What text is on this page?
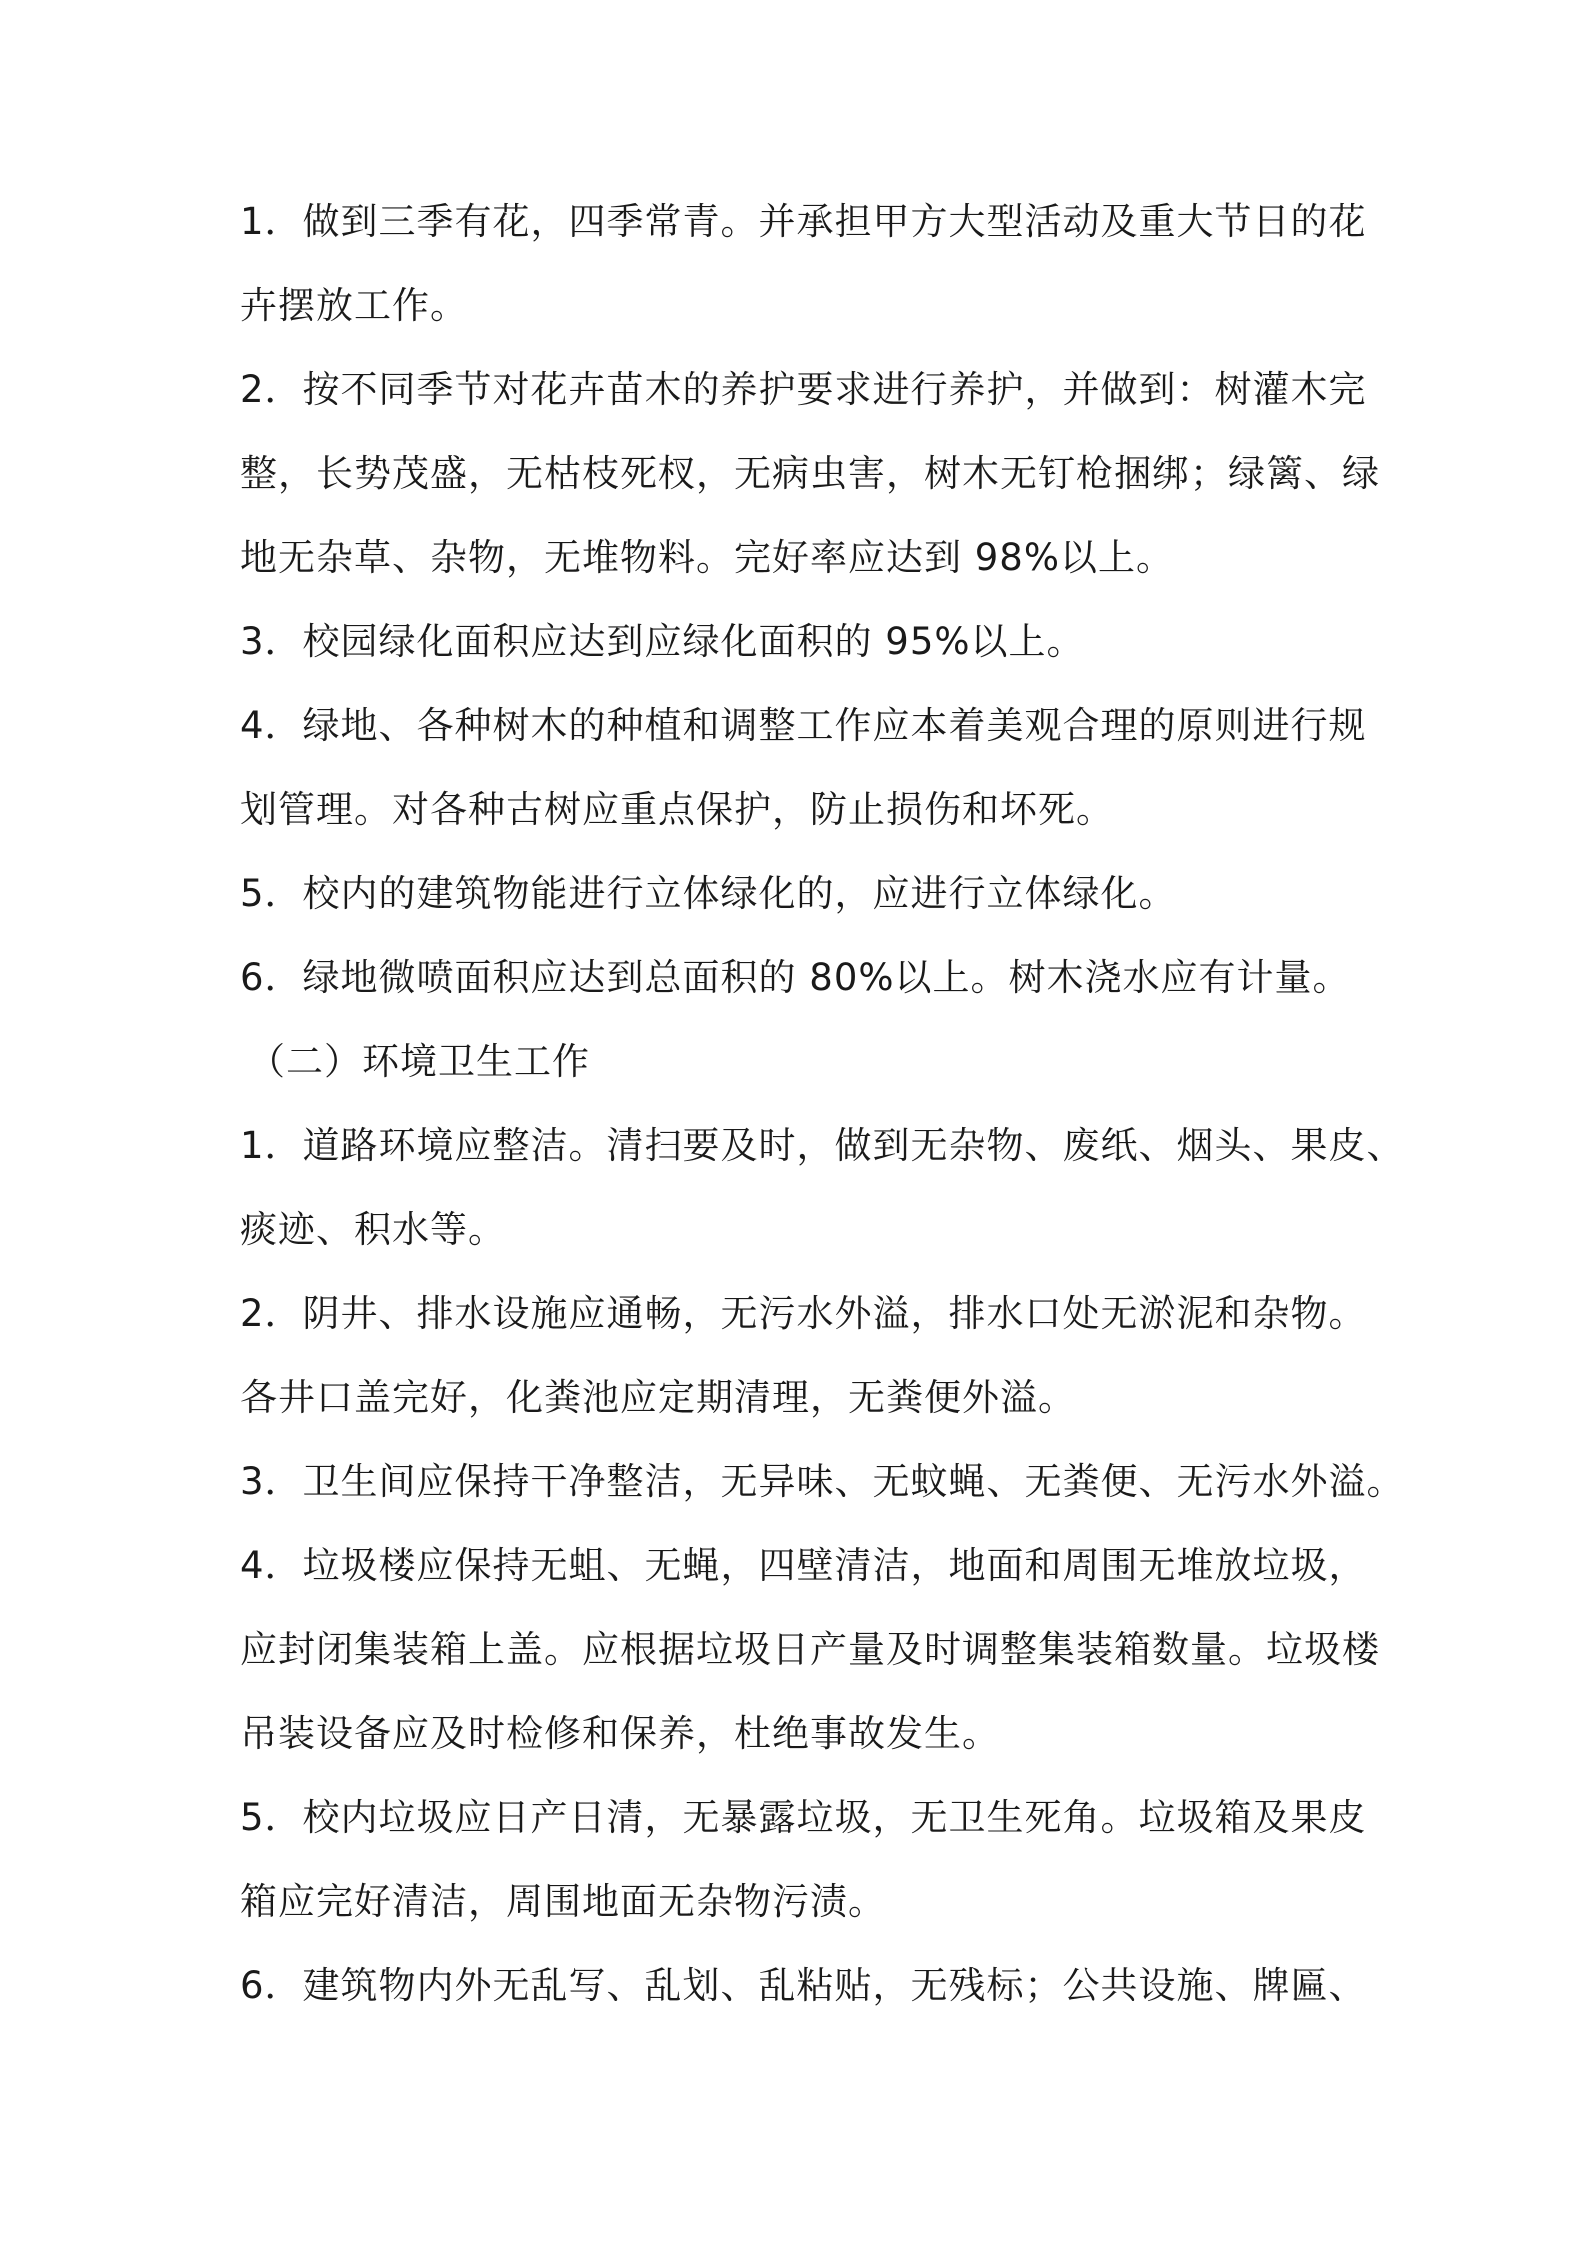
1．做到三季有花，四季常青。并承担甲方大型活动及重大节日的花
卉摆放工作。
2．按不同季节对花卉苗木的养护要求进行养护，并做到：树灌木完
整，长势茂盛，无枯枝死杈，无病虫害，树木无钉枪捆绑；绿篱、绿
地无杂草、杂物，无堆物料。完好率应达到 98%以上。
3．校园绿化面积应达到应绿化面积的 95%以上。
4．绿地、各种树木的种植和调整工作应本着美观合理的原则进行规
划管理。对各种古树应重点保护，防止损伤和坏死。
5．校内的建筑物能进行立体绿化的，应进行立体绿化。
6．绿地微喷面积应达到总面积的 80%以上。树木浇水应有计量。
（二）环境卫生工作
1．道路环境应整洁。清扫要及时，做到无杂物、废纸、烟头、果皮、
痰迹、积水等。
2．阴井、排水设施应通畅，无污水外溢，排水口处无淤泥和杂物。
各井口盖完好，化粪池应定期清理，无粪便外溢。
3．卫生间应保持干净整洁，无异味、无蚊蝇、无粪便、无污水外溢。
4．垃圾楼应保持无蛆、无蝇，四壁清洁，地面和周围无堆放垃圾，
应封闭集装箱上盖。应根据垃圾日产量及时调整集装箱数量。垃圾楼
吊装设备应及时检修和保养，杜绝事故发生。
5．校内垃圾应日产日清，无暴露垃圾，无卫生死角。垃圾箱及果皮
箱应完好清洁，周围地面无杂物污渍。
6．建筑物内外无乱写、乱划、乱粘贴，无残标；公共设施、牌匾、
